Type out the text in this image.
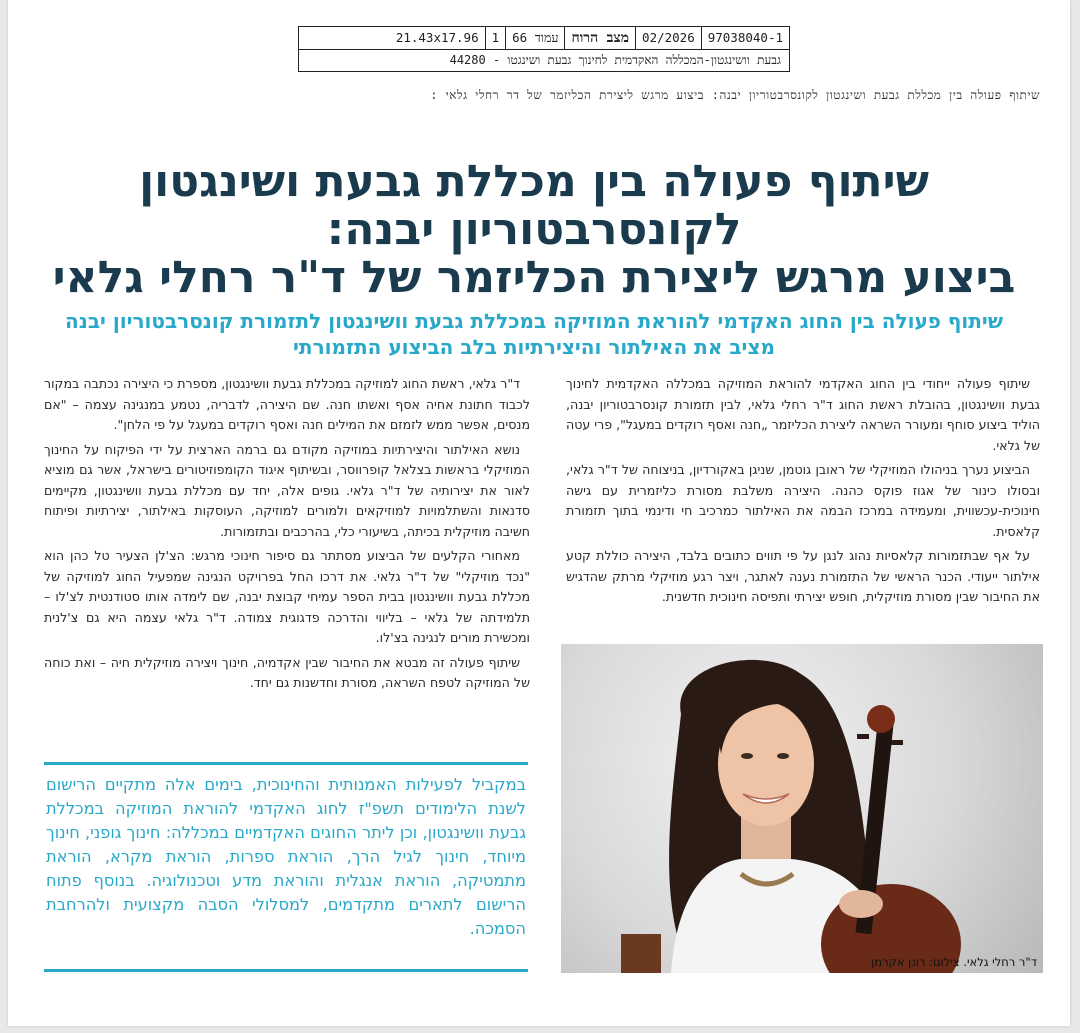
97038040-1
02/2026
מצב הרוח
עמוד 66
1
21.43x17.96
גבעת וושינגטון-המכללה האקדמית לחינוך גבעת ושינגטו - 44280
שיתוף פעולה בין מכללת גבעת ושינגטון לקונסרבטוריון יבנה: ביצוע מרגש ליצירת הכליזמר של דר רחלי גלאי :
שיתוף פעולה בין מכללת גבעת ושינגטון
לקונסרבטוריון יבנה:
ביצוע מרגש ליצירת הכליזמר של ד"ר רחלי גלאי
שיתוף פעולה בין החוג האקדמי להוראת המוזיקה במכללת גבעת וושינגטון לתזמורת קונסרבטוריון יבנה
מציב את האילתור והיצירתיות בלב הביצוע התזמורתי

שיתוף פעולה ייחודי בין החוג האקדמי להוראת המוזיקה במכללה האקדמית לחינוך גבעת וושינגטון, בהובלת ראשת החוג ד"ר רחלי גלאי, לבין תזמורת קונסרבטוריון יבנה, הוליד ביצוע סוחף ומעורר השראה ליצירת הכליזמר „חנה ואסף רוקדים במעגל", פרי עטה של גלאי.

הביצוע נערך בניהולו המוזיקלי של ראובן גוטמן, שניגן באקורדיון, בניצוחה של ד"ר גלאי, ובסולו כינור של אגוז פוקס כהנה. היצירה משלבת מסורת כליזמרית עם גישה חינוכית-עכשווית, ומעמידה במרכז הבמה את האילתור כמרכיב חי ודינמי בתוך תזמורת קלאסית.

על אף שבתזמורות קלאסיות נהוג לנגן על פי תווים כתובים בלבד, היצירה כוללת קטע אילתור ייעודי. הכנר הראשי של התזמורת נענה לאתגר, ויצר רגע מוזיקלי מרתק שהדגיש את החיבור שבין מסורת מוזיקלית, חופש יצירתי ותפיסה חינוכית חדשנית.

ד"ר גלאי, ראשת החוג למוזיקה במכללת גבעת וושינגטון, מספרת כי היצירה נכתבה במקור לכבוד חתונת אחיה אסף ואשתו חנה. שם היצירה, לדבריה, נטמע במנגינה עצמה – "אם מנסים, אפשר ממש לזמזם את המילים חנה ואסף רוקדים במעגל על פי הלחן".

נושא האילתור והיצירתיות במוזיקה מקודם גם ברמה הארצית על ידי הפיקוח על החינוך המוזיקלי בראשות בצלאל קופרווסר, ובשיתוף איגוד הקומפוזיטורים בישראל, אשר גם מוציא לאור את יצירותיה של ד"ר גלאי. גופים אלה, יחד עם מכללת גבעת וושינגטון, מקיימים סדנאות והשתלמויות למוזיקאים ולמורים למוזיקה, העוסקות באילתור, יצירתיות ופיתוח חשיבה מוזיקלית בכיתה, בשיעורי כלי, בהרכבים ובתזמורות.

מאחורי הקלעים של הביצוע מסתתר גם סיפור חינוכי מרגש: הצ'לן הצעיר טל כהן הוא "נכד מוזיקלי" של ד"ר גלאי. את דרכו החל בפרויקט הנגינה שמפעיל החוג למוזיקה של מכללת גבעת וושינגטון בבית הספר עמיחי קבוצת יבנה, שם לימדה אותו סטודנטית לצ'לו – תלמידתה של גלאי – בליווי והדרכה פדגוגית צמודה. ד"ר גלאי עצמה היא גם צ'לנית ומכשירת מורים לנגינה בצ'לו.

שיתוף פעולה זה מבטא את החיבור שבין אקדמיה, חינוך ויצירה מוזיקלית חיה – ואת כוחה של המוזיקה לטפח השראה, מסורת וחדשנות גם יחד.

במקביל לפעילות האמנותית והחינוכית, בימים אלה מתקיים הרישום לשנת הלימודים תשפ"ז לחוג האקדמי להוראת המוזיקה במכללת גבעת וושינגטון, וכן ליתר החוגים האקדמיים במכללה: חינוך גופני, חינוך מיוחד, חינוך לגיל הרך, הוראת ספרות, הוראת מקרא, הוראת מתמטיקה, הוראת אנגלית והוראת מדע וטכנולוגיה. בנוסף פתוח הרישום לתארים מתקדמים, למסלולי הסבה מקצועית ולהרחבת הסמכה.
ד"ר רחלי גלאי. צילום: רונן אקרמן
